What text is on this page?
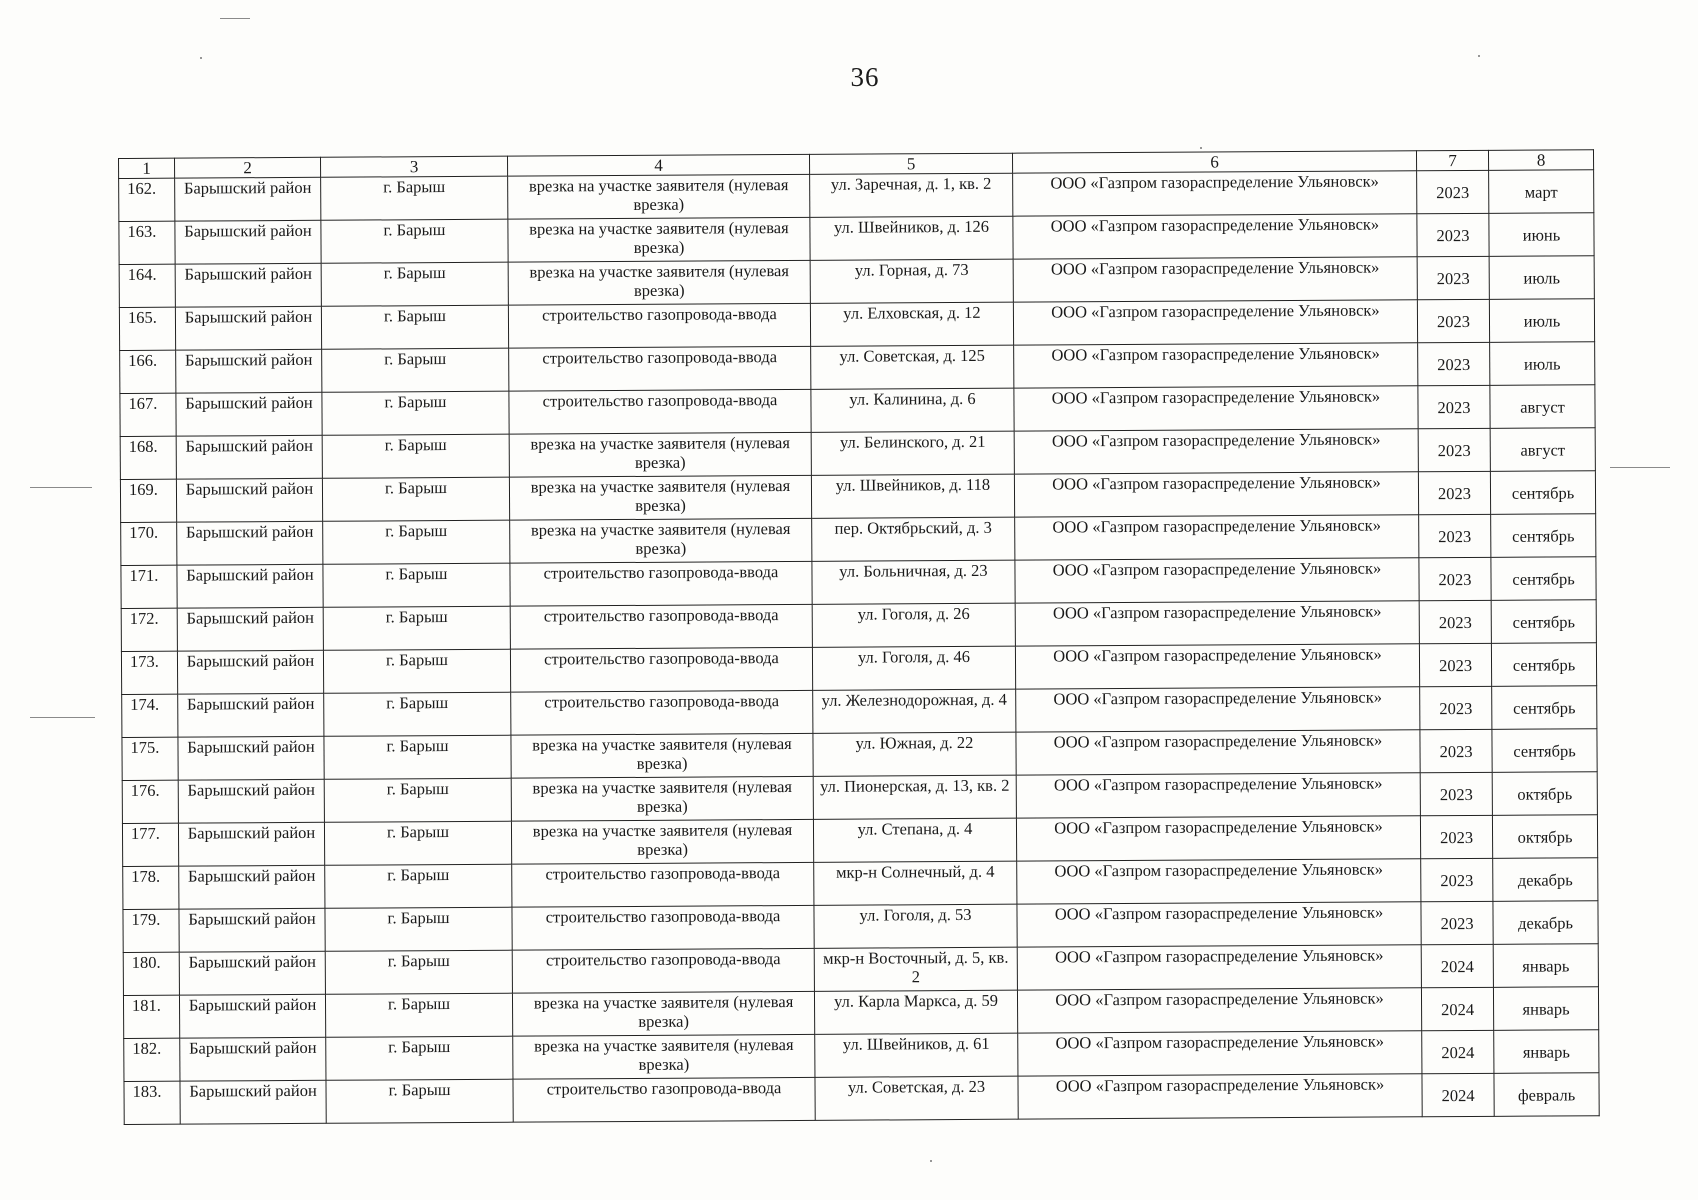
36
1	2	3	4	5	6	7	8
162.	Барышский район	г. Барыш	врезка на участке заявителя (нулевая врезка)	ул. Заречная, д. 1, кв. 2	ООО «Газпром газораспределение Ульяновск»	2023	март
163.	Барышский район	г. Барыш	врезка на участке заявителя (нулевая врезка)	ул. Швейников, д. 126	ООО «Газпром газораспределение Ульяновск»	2023	июнь
164.	Барышский район	г. Барыш	врезка на участке заявителя (нулевая врезка)	ул. Горная, д. 73	ООО «Газпром газораспределение Ульяновск»	2023	июль
165.	Барышский район	г. Барыш	строительство газопровода-ввода	ул. Елховская, д. 12	ООО «Газпром газораспределение Ульяновск»	2023	июль
166.	Барышский район	г. Барыш	строительство газопровода-ввода	ул. Советская, д. 125	ООО «Газпром газораспределение Ульяновск»	2023	июль
167.	Барышский район	г. Барыш	строительство газопровода-ввода	ул. Калинина, д. 6	ООО «Газпром газораспределение Ульяновск»	2023	август
168.	Барышский район	г. Барыш	врезка на участке заявителя (нулевая врезка)	ул. Белинского, д. 21	ООО «Газпром газораспределение Ульяновск»	2023	август
169.	Барышский район	г. Барыш	врезка на участке заявителя (нулевая врезка)	ул. Швейников, д. 118	ООО «Газпром газораспределение Ульяновск»	2023	сентябрь
170.	Барышский район	г. Барыш	врезка на участке заявителя (нулевая врезка)	пер. Октябрьский, д. 3	ООО «Газпром газораспределение Ульяновск»	2023	сентябрь
171.	Барышский район	г. Барыш	строительство газопровода-ввода	ул. Больничная, д. 23	ООО «Газпром газораспределение Ульяновск»	2023	сентябрь
172.	Барышский район	г. Барыш	строительство газопровода-ввода	ул. Гоголя, д. 26	ООО «Газпром газораспределение Ульяновск»	2023	сентябрь
173.	Барышский район	г. Барыш	строительство газопровода-ввода	ул. Гоголя, д. 46	ООО «Газпром газораспределение Ульяновск»	2023	сентябрь
174.	Барышский район	г. Барыш	строительство газопровода-ввода	ул. Железнодорожная, д. 4	ООО «Газпром газораспределение Ульяновск»	2023	сентябрь
175.	Барышский район	г. Барыш	врезка на участке заявителя (нулевая врезка)	ул. Южная, д. 22	ООО «Газпром газораспределение Ульяновск»	2023	сентябрь
176.	Барышский район	г. Барыш	врезка на участке заявителя (нулевая врезка)	ул. Пионерская, д. 13, кв. 2	ООО «Газпром газораспределение Ульяновск»	2023	октябрь
177.	Барышский район	г. Барыш	врезка на участке заявителя (нулевая врезка)	ул. Степана, д. 4	ООО «Газпром газораспределение Ульяновск»	2023	октябрь
178.	Барышский район	г. Барыш	строительство газопровода-ввода	мкр-н Солнечный, д. 4	ООО «Газпром газораспределение Ульяновск»	2023	декабрь
179.	Барышский район	г. Барыш	строительство газопровода-ввода	ул. Гоголя, д. 53	ООО «Газпром газораспределение Ульяновск»	2023	декабрь
180.	Барышский район	г. Барыш	строительство газопровода-ввода	мкр-н Восточный, д. 5, кв. 2	ООО «Газпром газораспределение Ульяновск»	2024	январь
181.	Барышский район	г. Барыш	врезка на участке заявителя (нулевая врезка)	ул. Карла Маркса, д. 59	ООО «Газпром газораспределение Ульяновск»	2024	январь
182.	Барышский район	г. Барыш	врезка на участке заявителя (нулевая врезка)	ул. Швейников, д. 61	ООО «Газпром газораспределение Ульяновск»	2024	январь
183.	Барышский район	г. Барыш	строительство газопровода-ввода	ул. Советская, д. 23	ООО «Газпром газораспределение Ульяновск»	2024	февраль
